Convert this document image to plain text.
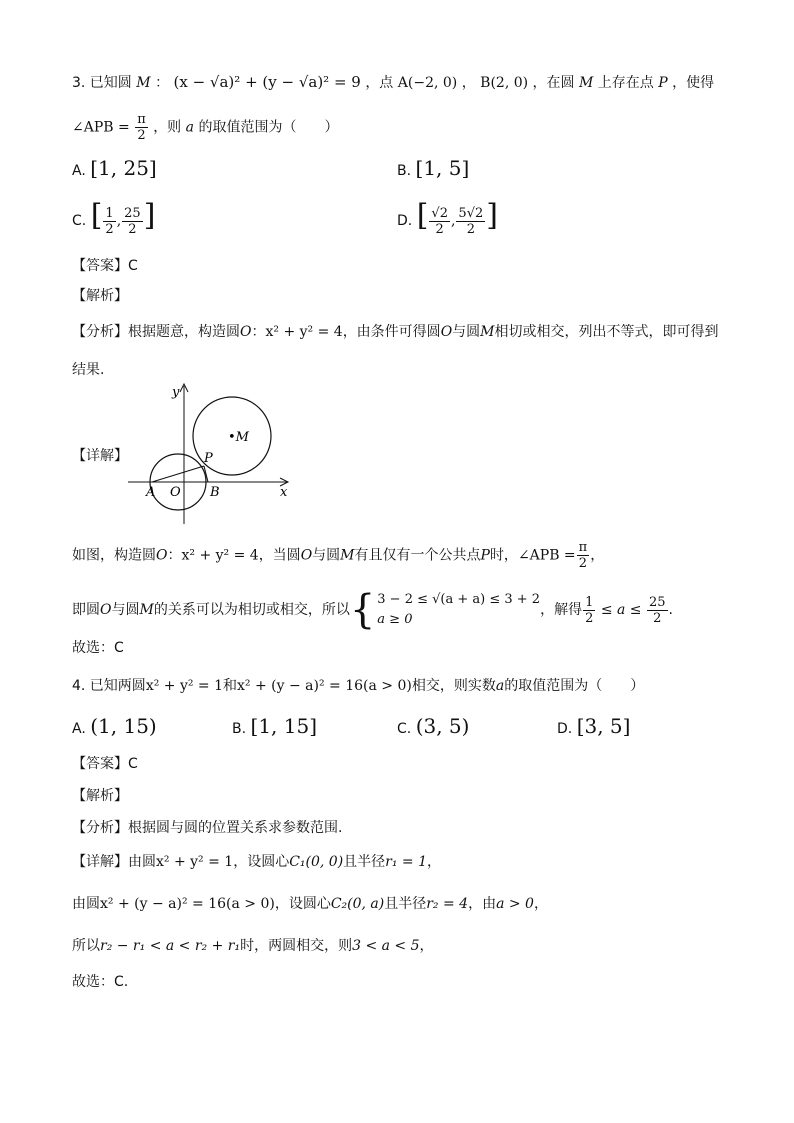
3. 已知圆 M ： (x − √a)² + (y − √a)² = 9 ，点 A(−2, 0) ， B(2, 0) ，在圆 M 上存在点 P ，使得
∠APB = $\frac{\pi}{2}$ ，则 a 的取值范围为（　　）
A. [1, 25]	B. [1, 5]
C. [ $\frac{1}{2}$ , $\frac{25}{2}$ ]	D. [ $\frac{√2}{2}$ , $\frac{5√2}{2}$ ]
【答案】C
【解析】
【分析】根据题意，构造圆O：x² + y² = 4，由条件可得圆O与圆M相切或相交，列出不等式，即可得到
结果.
【详解】
y
x
•M
P
A O B
如图，构造圆O：x² + y² = 4，当圆O与圆M有且仅有一个公共点P时，∠APB = $\frac{\pi}{2}$ ，
即圆O与圆M的关系可以为相切或相交，所以 { 3 − 2 ≤ √(a + a) ≤ 3 + 2
a ≥ 0
，解得 $\frac{1}{2} \le a \le \frac{25}{2}$ .
故选：C
4. 已知两圆x² + y² = 1和x² + (y − a)² = 16(a > 0)相交，则实数a的取值范围为（　　）
A. (1, 15)	B. [1, 15]	C. (3, 5)	D. [3, 5]
【答案】C
【解析】
【分析】根据圆与圆的位置关系求参数范围.
【详解】由圆x² + y² = 1，设圆心C₁(0, 0)且半径r₁ = 1，
由圆x² + (y − a)² = 16(a > 0)，设圆心C₂(0, a)且半径r₂ = 4，由a > 0，
所以r₂ − r₁ < a < r₂ + r₁时，两圆相交，则3 < a < 5，
故选：C.
